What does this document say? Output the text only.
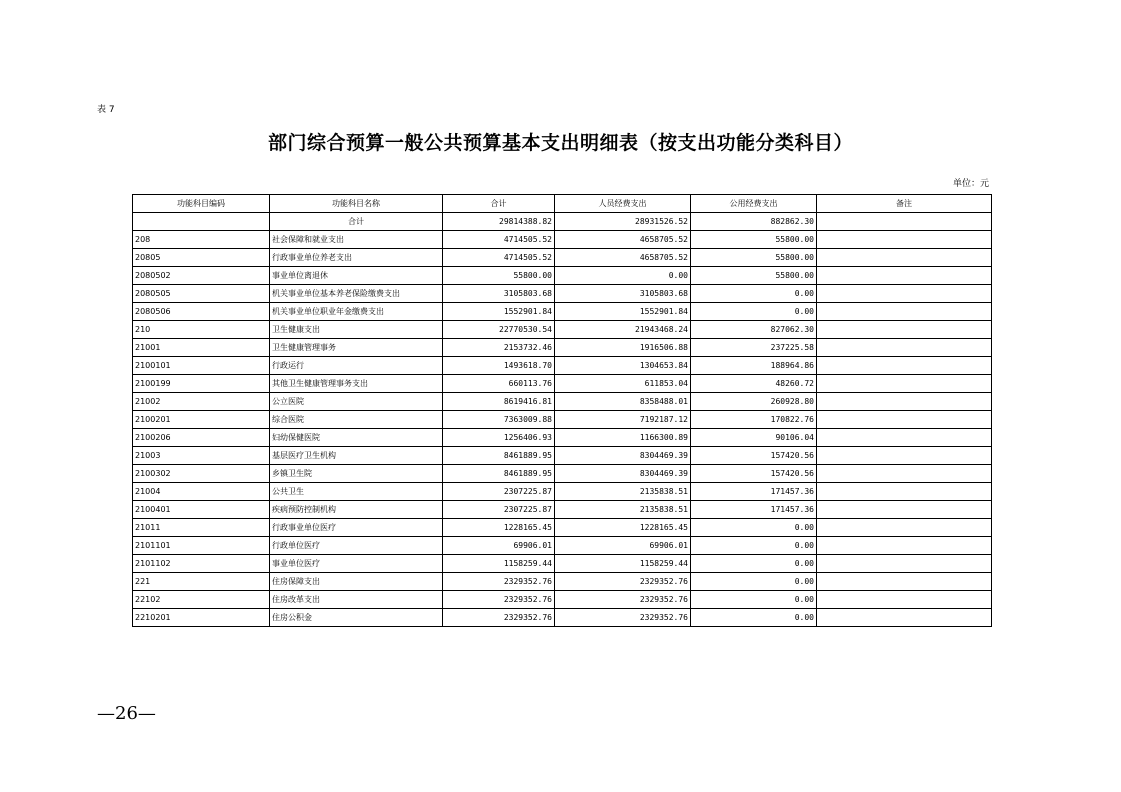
表 7
部门综合预算一般公共预算基本支出明细表（按支出功能分类科目）
单位：元
功能科目编码	功能科目名称	合计	人员经费支出	公用经费支出	备注
	合计	29814388.82	28931526.52	882862.30	
208	社会保障和就业支出	4714505.52	4658705.52	55800.00	
20805	行政事业单位养老支出	4714505.52	4658705.52	55800.00	
2080502	事业单位离退休	55800.00	0.00	55800.00	
2080505	机关事业单位基本养老保险缴费支出	3105803.68	3105803.68	0.00	
2080506	机关事业单位职业年金缴费支出	1552901.84	1552901.84	0.00	
210	卫生健康支出	22770530.54	21943468.24	827062.30	
21001	卫生健康管理事务	2153732.46	1916506.88	237225.58	
2100101	行政运行	1493618.70	1304653.84	188964.86	
2100199	其他卫生健康管理事务支出	660113.76	611853.04	48260.72	
21002	公立医院	8619416.81	8358488.01	260928.80	
2100201	综合医院	7363009.88	7192187.12	170822.76	
2100206	妇幼保健医院	1256406.93	1166300.89	90106.04	
21003	基层医疗卫生机构	8461889.95	8304469.39	157420.56	
2100302	乡镇卫生院	8461889.95	8304469.39	157420.56	
21004	公共卫生	2307225.87	2135838.51	171457.36	
2100401	疾病预防控制机构	2307225.87	2135838.51	171457.36	
21011	行政事业单位医疗	1228165.45	1228165.45	0.00	
2101101	行政单位医疗	69906.01	69906.01	0.00	
2101102	事业单位医疗	1158259.44	1158259.44	0.00	
221	住房保障支出	2329352.76	2329352.76	0.00	
22102	住房改革支出	2329352.76	2329352.76	0.00	
2210201	住房公积金	2329352.76	2329352.76	0.00	
—26—
